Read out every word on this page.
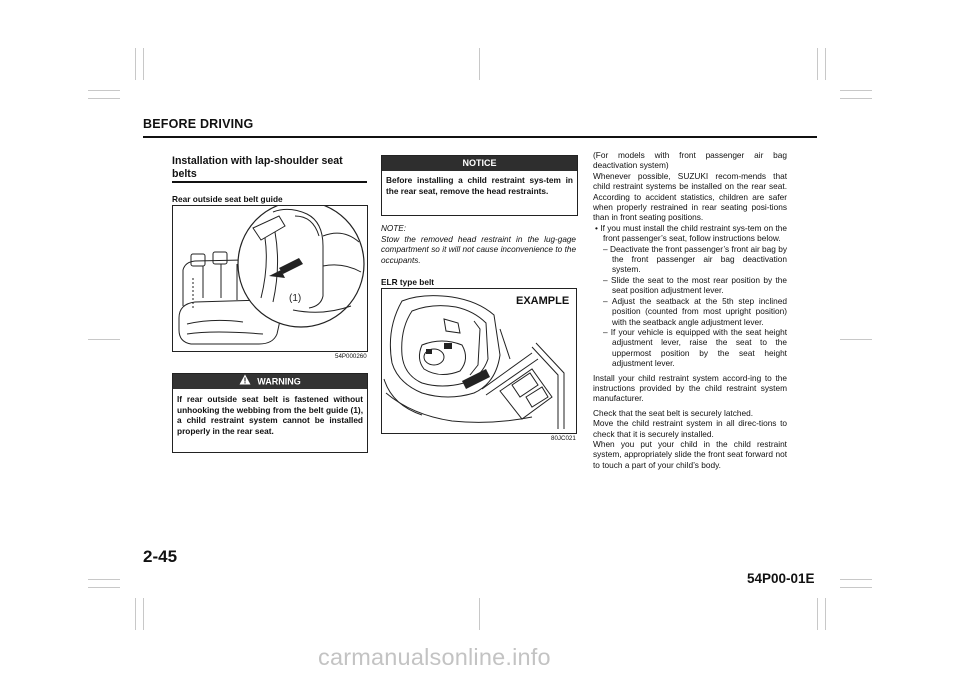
BEFORE DRIVING
Installation with lap-shoulder seat belts
Rear outside seat belt guide
(1)
54P000260
WARNING
If rear outside seat belt is fastened without unhooking the webbing from the belt guide (1), a child restraint system cannot be installed properly in the rear seat.
NOTICE
Before installing a child restraint sys-tem in the rear seat, remove the head restraints.
NOTE:
Stow the removed head restraint in the lug-gage compartment so it will not cause inconvenience to the occupants.
ELR type belt
EXAMPLE
80JC021

(For models with front passenger air bag deactivation system)

Whenever possible, SUZUKI recom-mends that child restraint systems be installed on the rear seat. According to accident statistics, children are safer when properly restrained in rear seating posi-tions than in front seating positions.

• If you must install the child restraint sys-tem on the front passenger’s seat, follow instructions below.

– Deactivate the front passenger’s front air bag by the front passenger air bag deactivation system.

– Slide the seat to the most rear position by the seat position adjustment lever.

– Adjust the seatback at the 5th step inclined position (counted from most upright position) with the seatback angle adjustment lever.

– If your vehicle is equipped with the seat height adjustment lever, raise the seat to the uppermost position by the seat height adjustment lever.

Install your child restraint system accord-ing to the instructions provided by the child restraint system manufacturer.

Check that the seat belt is securely latched.

Move the child restraint system in all direc-tions to check that it is securely installed.

When you put your child in the child restraint system, appropriately slide the front seat forward not to touch a part of your child’s body.

2-45
54P00-01E
carmanualsonline.info
